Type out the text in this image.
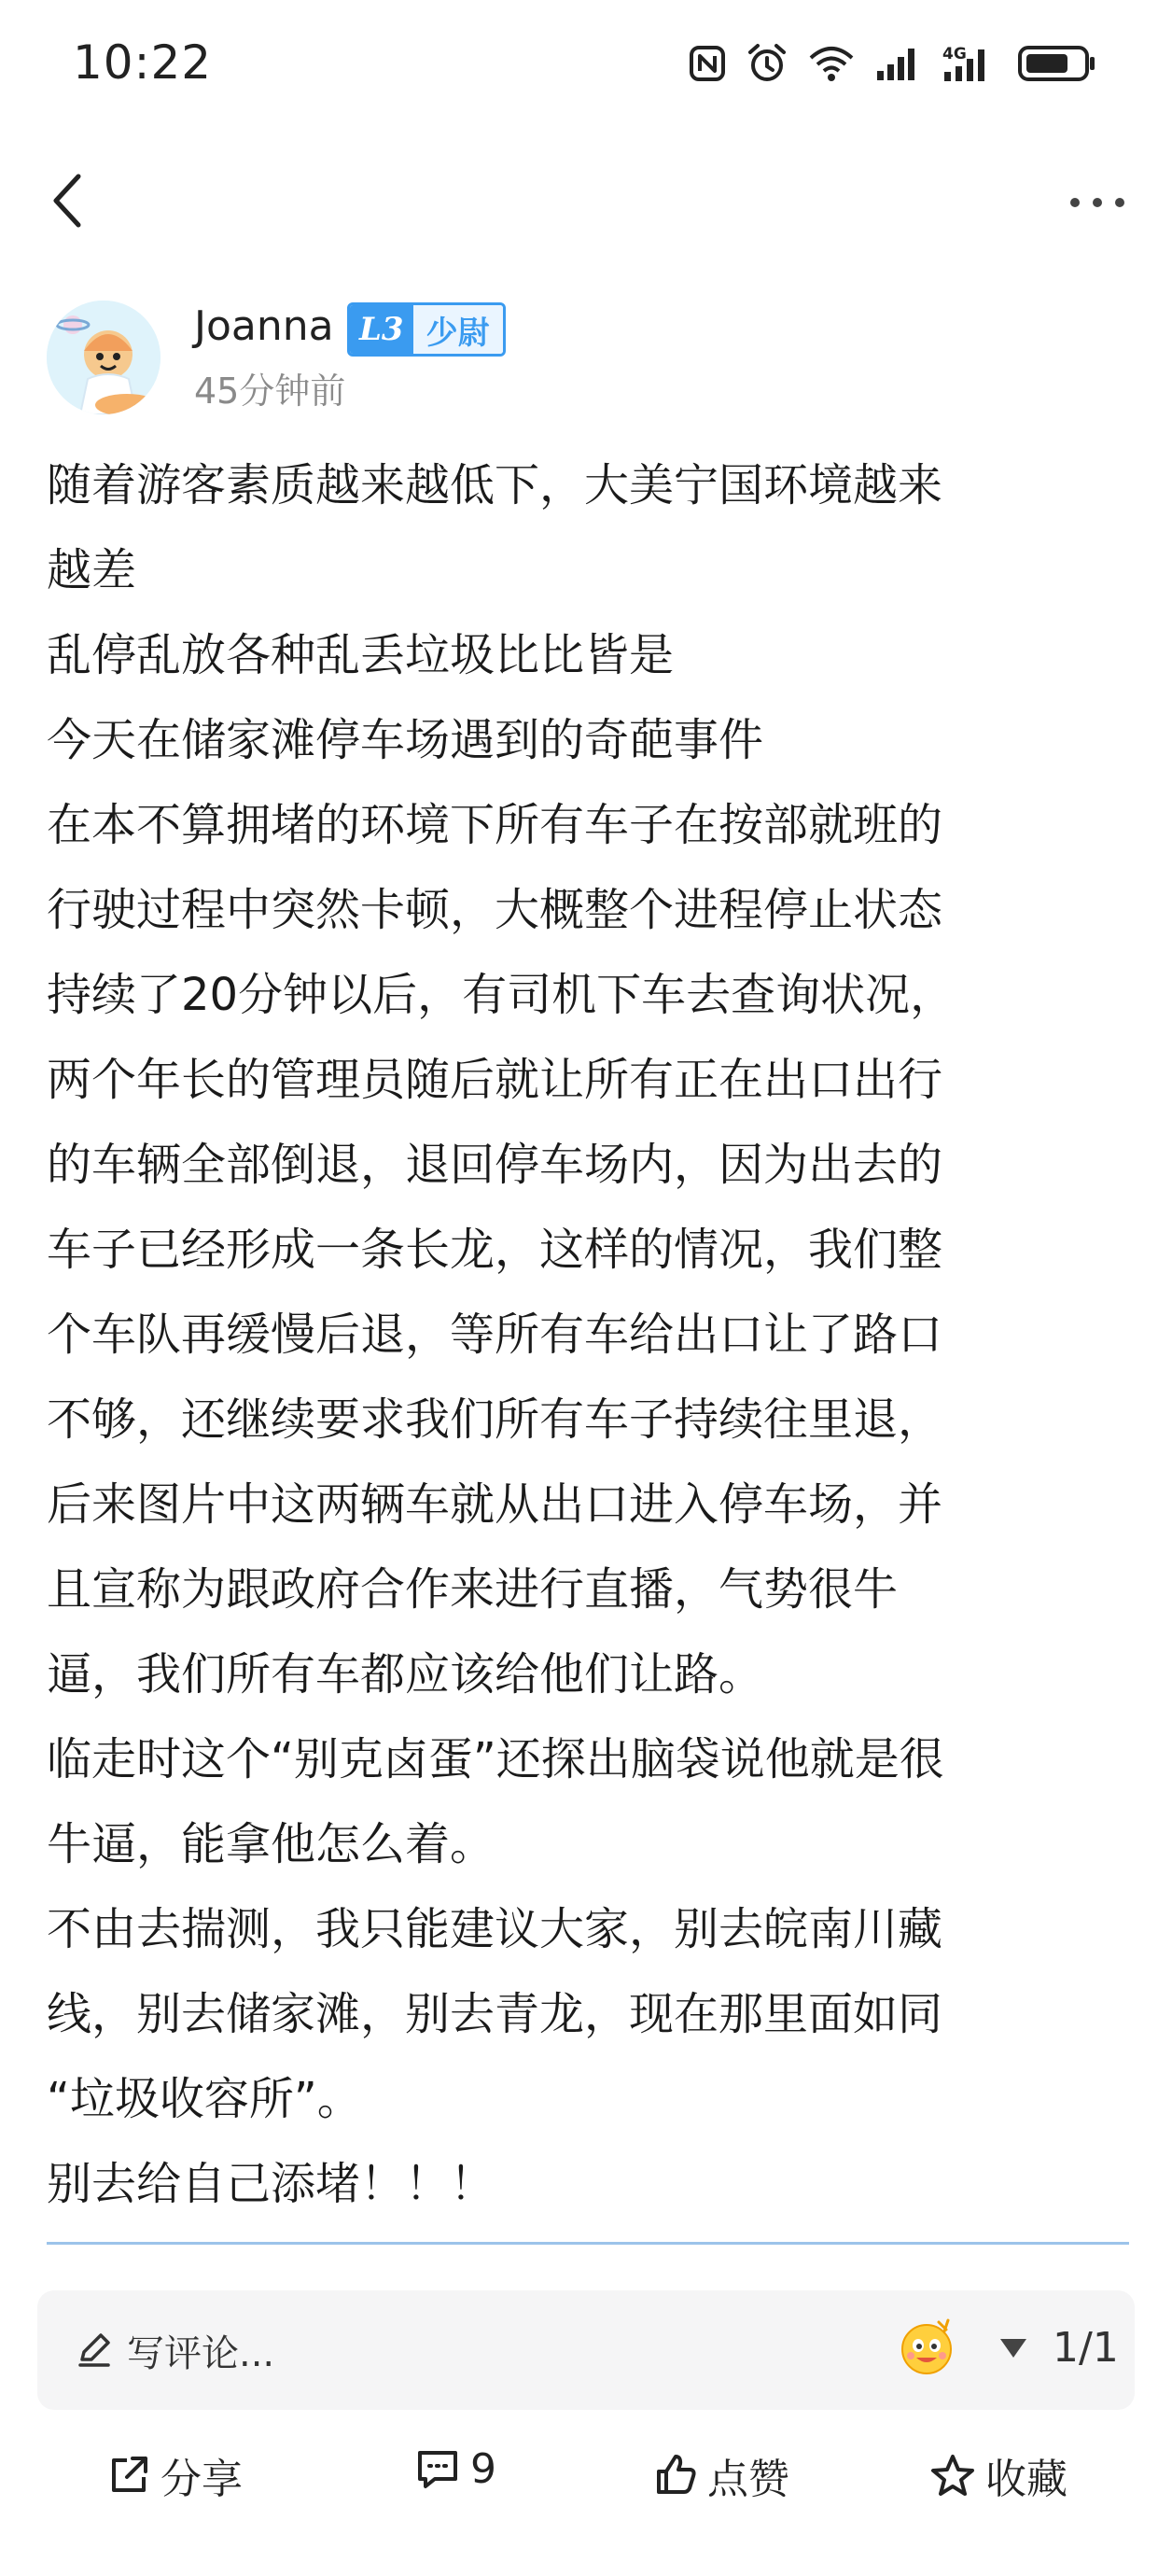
10:22	4G
Joanna L3 少尉
45分钟前

随着游客素质越来越低下，大美宁国环境越来

越差

乱停乱放各种乱丢垃圾比比皆是

今天在储家滩停车场遇到的奇葩事件

在本不算拥堵的环境下所有车子在按部就班的

行驶过程中突然卡顿，大概整个进程停止状态

持续了20分钟以后，有司机下车去查询状况，

两个年长的管理员随后就让所有正在出口出行

的车辆全部倒退，退回停车场内，因为出去的

车子已经形成一条长龙，这样的情况，我们整

个车队再缓慢后退，等所有车给出口让了路口

不够，还继续要求我们所有车子持续往里退，

后来图片中这两辆车就从出口进入停车场，并

且宣称为跟政府合作来进行直播，气势很牛

逼，我们所有车都应该给他们让路。

临走时这个“别克卤蛋”还探出脑袋说他就是很

牛逼，能拿他怎么着。

不由去揣测，我只能建议大家，别去皖南川藏

线，别去储家滩，别去青龙，现在那里面如同

“垃圾收容所”。

别去给自己添堵！！！

写评论...	1/1
分享	9	点赞	收藏
